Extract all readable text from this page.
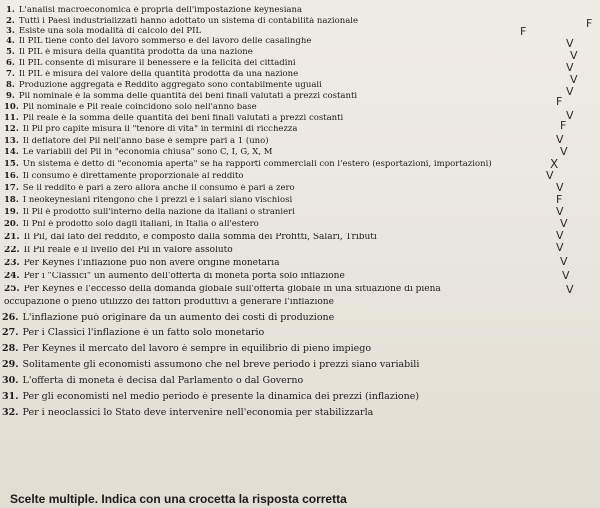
1. L'analisi macroeconomica è propria dell'impostazione keynesiana
2. Tutti i Paesi industrializzati hanno adottato un sistema di contabilità nazionale
3. Esiste una sola modalità di calcolo del PIL
4. Il PIL tiene conto del lavoro sommerso e del lavoro delle casalinghe
5. Il PIL è misura della quantità prodotta da una nazione
6. Il PIL consente di misurare il benessere e la felicità dei cittadini
7. Il PIL è misura del valore della quantità prodotta da una nazione
8. Produzione aggregata e Reddito aggregato sono contabilmente uguali
9. Pil nominale è la somma delle quantità dei beni finali valutati a prezzi costanti
10. Pil nominale e Pil reale coincidono solo nell'anno base
11. Pil reale è la somma delle quantità dei beni finali valutati a prezzi costanti
12. Il Pil pro capite misura il "tenore di vita" in termini di ricchezza
13. Il deflatore del Pil nell'anno base è sempre pari a 1 (uno)
14. Le variabili del Pil in "economia chiusa" sono C, I, G, X, M
15. Un sistema è detto di "economia aperta" se ha rapporti commerciali con l'estero (esportazioni, importazioni)
16. Il consumo è direttamente proporzionale al reddito
17. Se il reddito è pari a zero allora anche il consumo è pari a zero
18. I neokeynesiani ritengono che i prezzi e i salari siano vischiosi
19. Il Pil è prodotto sull'interno della nazione da italiani o stranieri
20. Il Pnl è prodotto solo dagli italiani, in Italia o all'estero
21. Il Pil, dal lato del reddito, è composto dalla somma dei Profitti, Salari, Tributi
22. Il Pil reale è il livello del Pil in valore assoluto
23. Per Keynes l'inflazione può non avere origine monetaria
24. Per i "Classici" un aumento dell'offerta di moneta porta solo inflazione
25. Per Keynes è l'eccesso della domanda globale sull'offerta globale in una situazione di piena
occupazione o pieno utilizzo dei fattori produttivi a generare l'inflazione
26. L'inflazione può originare da un aumento dei costi di produzione
27. Per i Classici l'inflazione è un fatto solo monetario
28. Per Keynes il mercato del lavoro è sempre in equilibrio di pieno impiego
29. Solitamente gli economisti assumono che nel breve periodo i prezzi siano variabili
30. L'offerta di moneta è decisa dal Parlamento o dal Governo
31. Per gli economisti nel medio periodo è presente la dinamica dei prezzi (inflazione)
32. Per i neoclassici lo Stato deve intervenire nell'economia per stabilizzarla
F
F
V
V
V
V
V
F
V
F
V
V
X
V
V
F
V
V
V
V
V
V
V
Scelte multiple. Indica con una crocetta la risposta corretta
